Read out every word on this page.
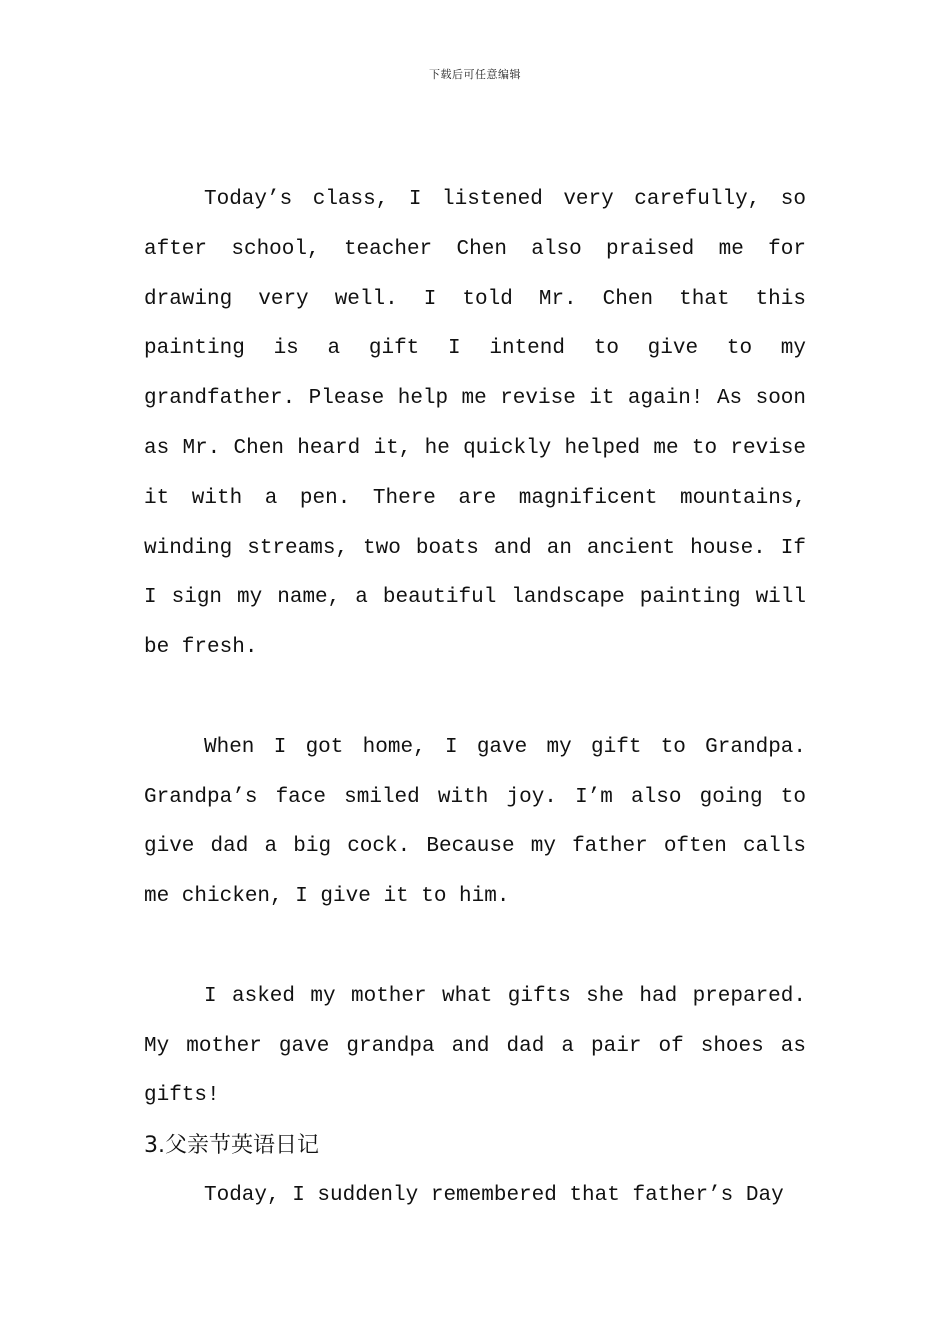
下载后可任意编辑

Today’s class, I listened very carefully, so after school, teacher Chen also praised me for drawing very well. I told Mr. Chen that this painting is a gift I intend to give to my grandfather. Please help me revise it again! As soon as Mr. Chen heard it, he quickly helped me to revise it with a pen. There are magnificent mountains, winding streams, two boats and an ancient house. If I sign my name, a beautiful landscape painting will be fresh.

When I got home, I gave my gift to Grandpa. Grandpa’s face smiled with joy. I’m also going to give dad a big cock. Because my father often calls me chicken, I give it to him.

I asked my mother what gifts she had prepared. My mother gave grandpa and dad a pair of shoes as gifts!

3.父亲节英语日记

Today, I suddenly remembered that father’s Day
